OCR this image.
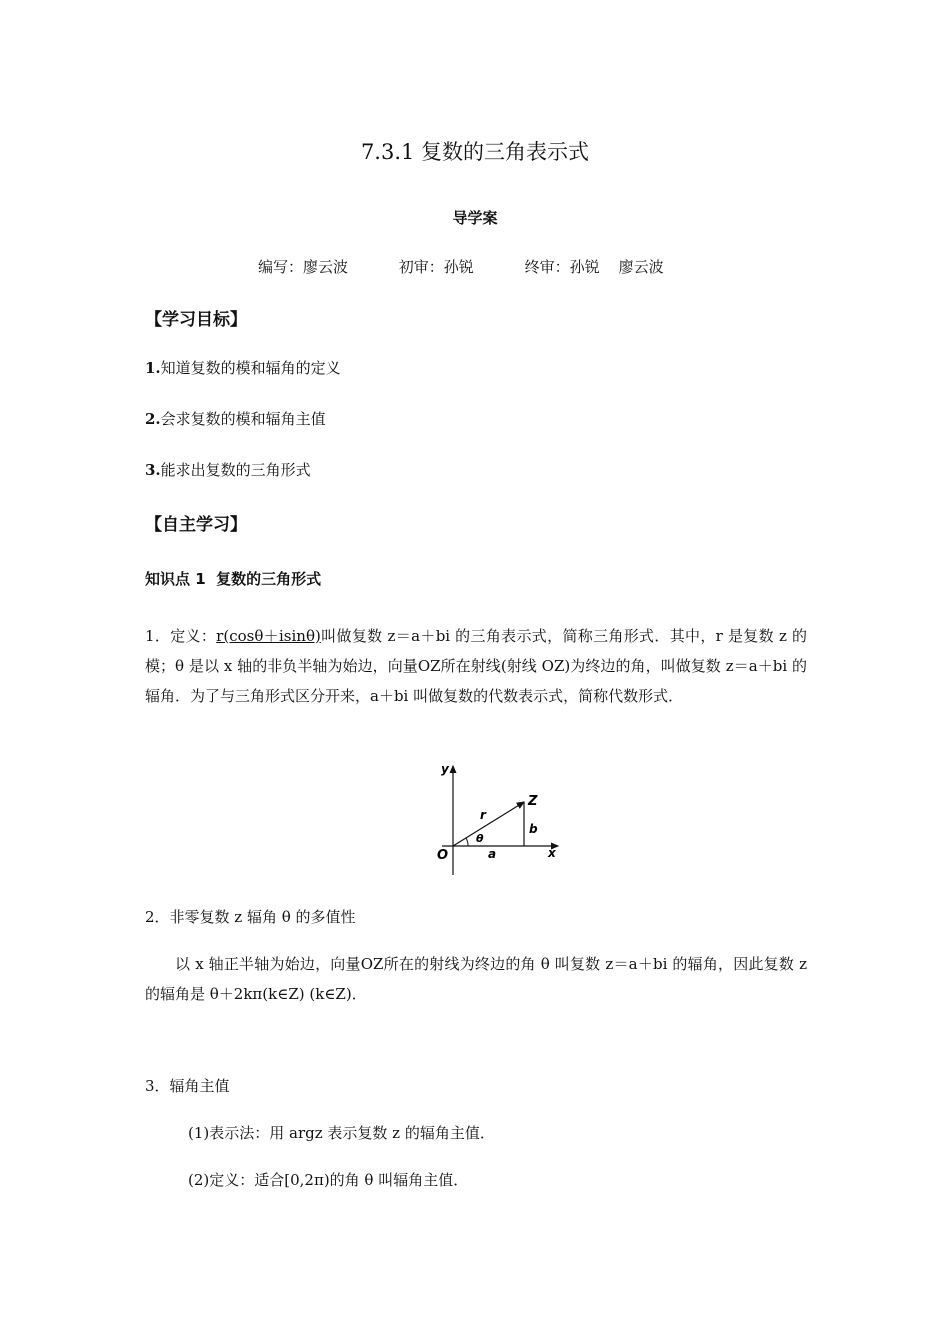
7.3.1 复数的三角表示式
导学案
编写：廖云波	初审：孙锐	终审：孙锐    廖云波
【学习目标】
1.知道复数的模和辐角的定义
2.会求复数的模和辐角主值
3.能求出复数的三角形式
【自主学习】
知识点 1  复数的三角形式
1．定义：r(cosθ＋isinθ)叫做复数 z＝a＋bi 的三角表示式，简称三角形式．其中，r 是复数 z 的模；θ 是以 x 轴的非负半轴为始边，向量OZ所在射线(射线 OZ)为终边的角，叫做复数 z＝a＋bi 的辐角．为了与三角形式区分开来，a＋bi 叫做复数的代数表示式，简称代数形式．
y
x
O
Z
r
a
b
θ
2．非零复数 z 辐角 θ 的多值性
以 x 轴正半轴为始边，向量OZ所在的射线为终边的角 θ 叫复数 z＝a＋bi 的辐角，因此复数 z 的辐角是 θ＋2kπ(k∈Z) (k∈Z)．
3．辐角主值
(1)表示法：用 argz 表示复数 z 的辐角主值．
(2)定义：适合[0,2π)的角 θ 叫辐角主值．
